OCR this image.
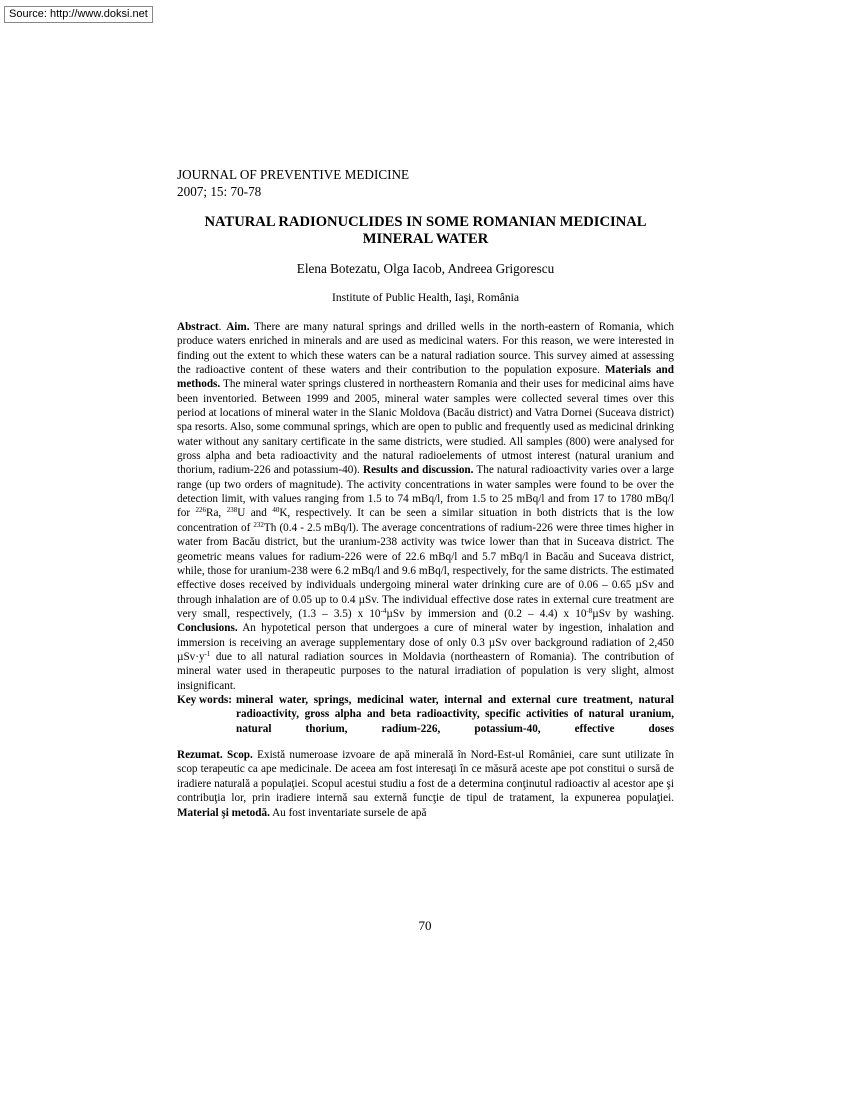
Source: http://www.doksi.net
JOURNAL OF PREVENTIVE MEDICINE
2007; 15: 70-78
NATURAL RADIONUCLIDES IN SOME ROMANIAN MEDICINAL MINERAL WATER
Elena Botezatu, Olga Iacob, Andreea Grigorescu
Institute of Public Health, Iaşi, România
Abstract. Aim. There are many natural springs and drilled wells in the north-eastern of Romania, which produce waters enriched in minerals and are used as medicinal waters. For this reason, we were interested in finding out the extent to which these waters can be a natural radiation source. This survey aimed at assessing the radioactive content of these waters and their contribution to the population exposure. Materials and methods. The mineral water springs clustered in northeastern Romania and their uses for medicinal aims have been inventoried. Between 1999 and 2005, mineral water samples were collected several times over this period at locations of mineral water in the Slanic Moldova (Bacău district) and Vatra Dornei (Suceava district) spa resorts. Also, some communal springs, which are open to public and frequently used as medicinal drinking water without any sanitary certificate in the same districts, were studied. All samples (800) were analysed for gross alpha and beta radioactivity and the natural radioelements of utmost interest (natural uranium and thorium, radium-226 and potassium-40). Results and discussion. The natural radioactivity varies over a large range (up two orders of magnitude). The activity concentrations in water samples were found to be over the detection limit, with values ranging from 1.5 to 74 mBq/l, from 1.5 to 25 mBq/l and from 17 to 1780 mBq/l for $^{226}$Ra, $^{238}$U and $^{40}$K, respectively. It can be seen a similar situation in both districts that is the low concentration of $^{232}$Th (0.4 - 2.5 mBq/l). The average concentrations of radium-226 were three times higher in water from Bacău district, but the uranium-238 activity was twice lower than that in Suceava district. The geometric means values for radium-226 were of 22.6 mBq/l and 5.7 mBq/l in Bacău and Suceava district, while, those for uranium-238 were 6.2 mBq/l and 9.6 mBq/l, respectively, for the same districts. The estimated effective doses received by individuals undergoing mineral water drinking cure are of 0.06 – 0.65 µSv and through inhalation are of 0.05 up to 0.4 µSv. The individual effective dose rates in external cure treatment are very small, respectively, (1.3 – 3.5) x $10^{-4}\mu Sv$ by immersion and (0.2 – 4.4) x $10^{-8}\mu Sv$ by washing. Conclusions. An hypotetical person that undergoes a cure of mineral water by ingestion, inhalation and immersion is receiving an average supplementary dose of only 0.3 µSv over background radiation of 2,450 $\mu Sv\cdot y^{-1}$ due to all natural radiation sources in Moldavia (northeastern of Romania). The contribution of mineral water used in therapeutic purposes to the natural irradiation of population is very slight, almost insignificant.
Key words: mineral water, springs, medicinal water, internal and external cure treatment, natural radioactivity, gross alpha and beta radioactivity, specific activities of natural uranium, natural thorium, radium-226, potassium-40, effective doses
Rezumat. Scop. Există numeroase izvoare de apă minerală în Nord-Est-ul României, care sunt utilizate în scop terapeutic ca ape medicinale. De aceea am fost interesaţi în ce măsură aceste ape pot constitui o sursă de iradiere naturală a populaţiei. Scopul acestui studiu a fost de a determina conţinutul radioactiv al acestor ape şi contribuţia lor, prin iradiere internă sau externă funcţie de tipul de tratament, la expunerea populaţiei. Material şi metodă. Au fost inventariate sursele de apă
70
